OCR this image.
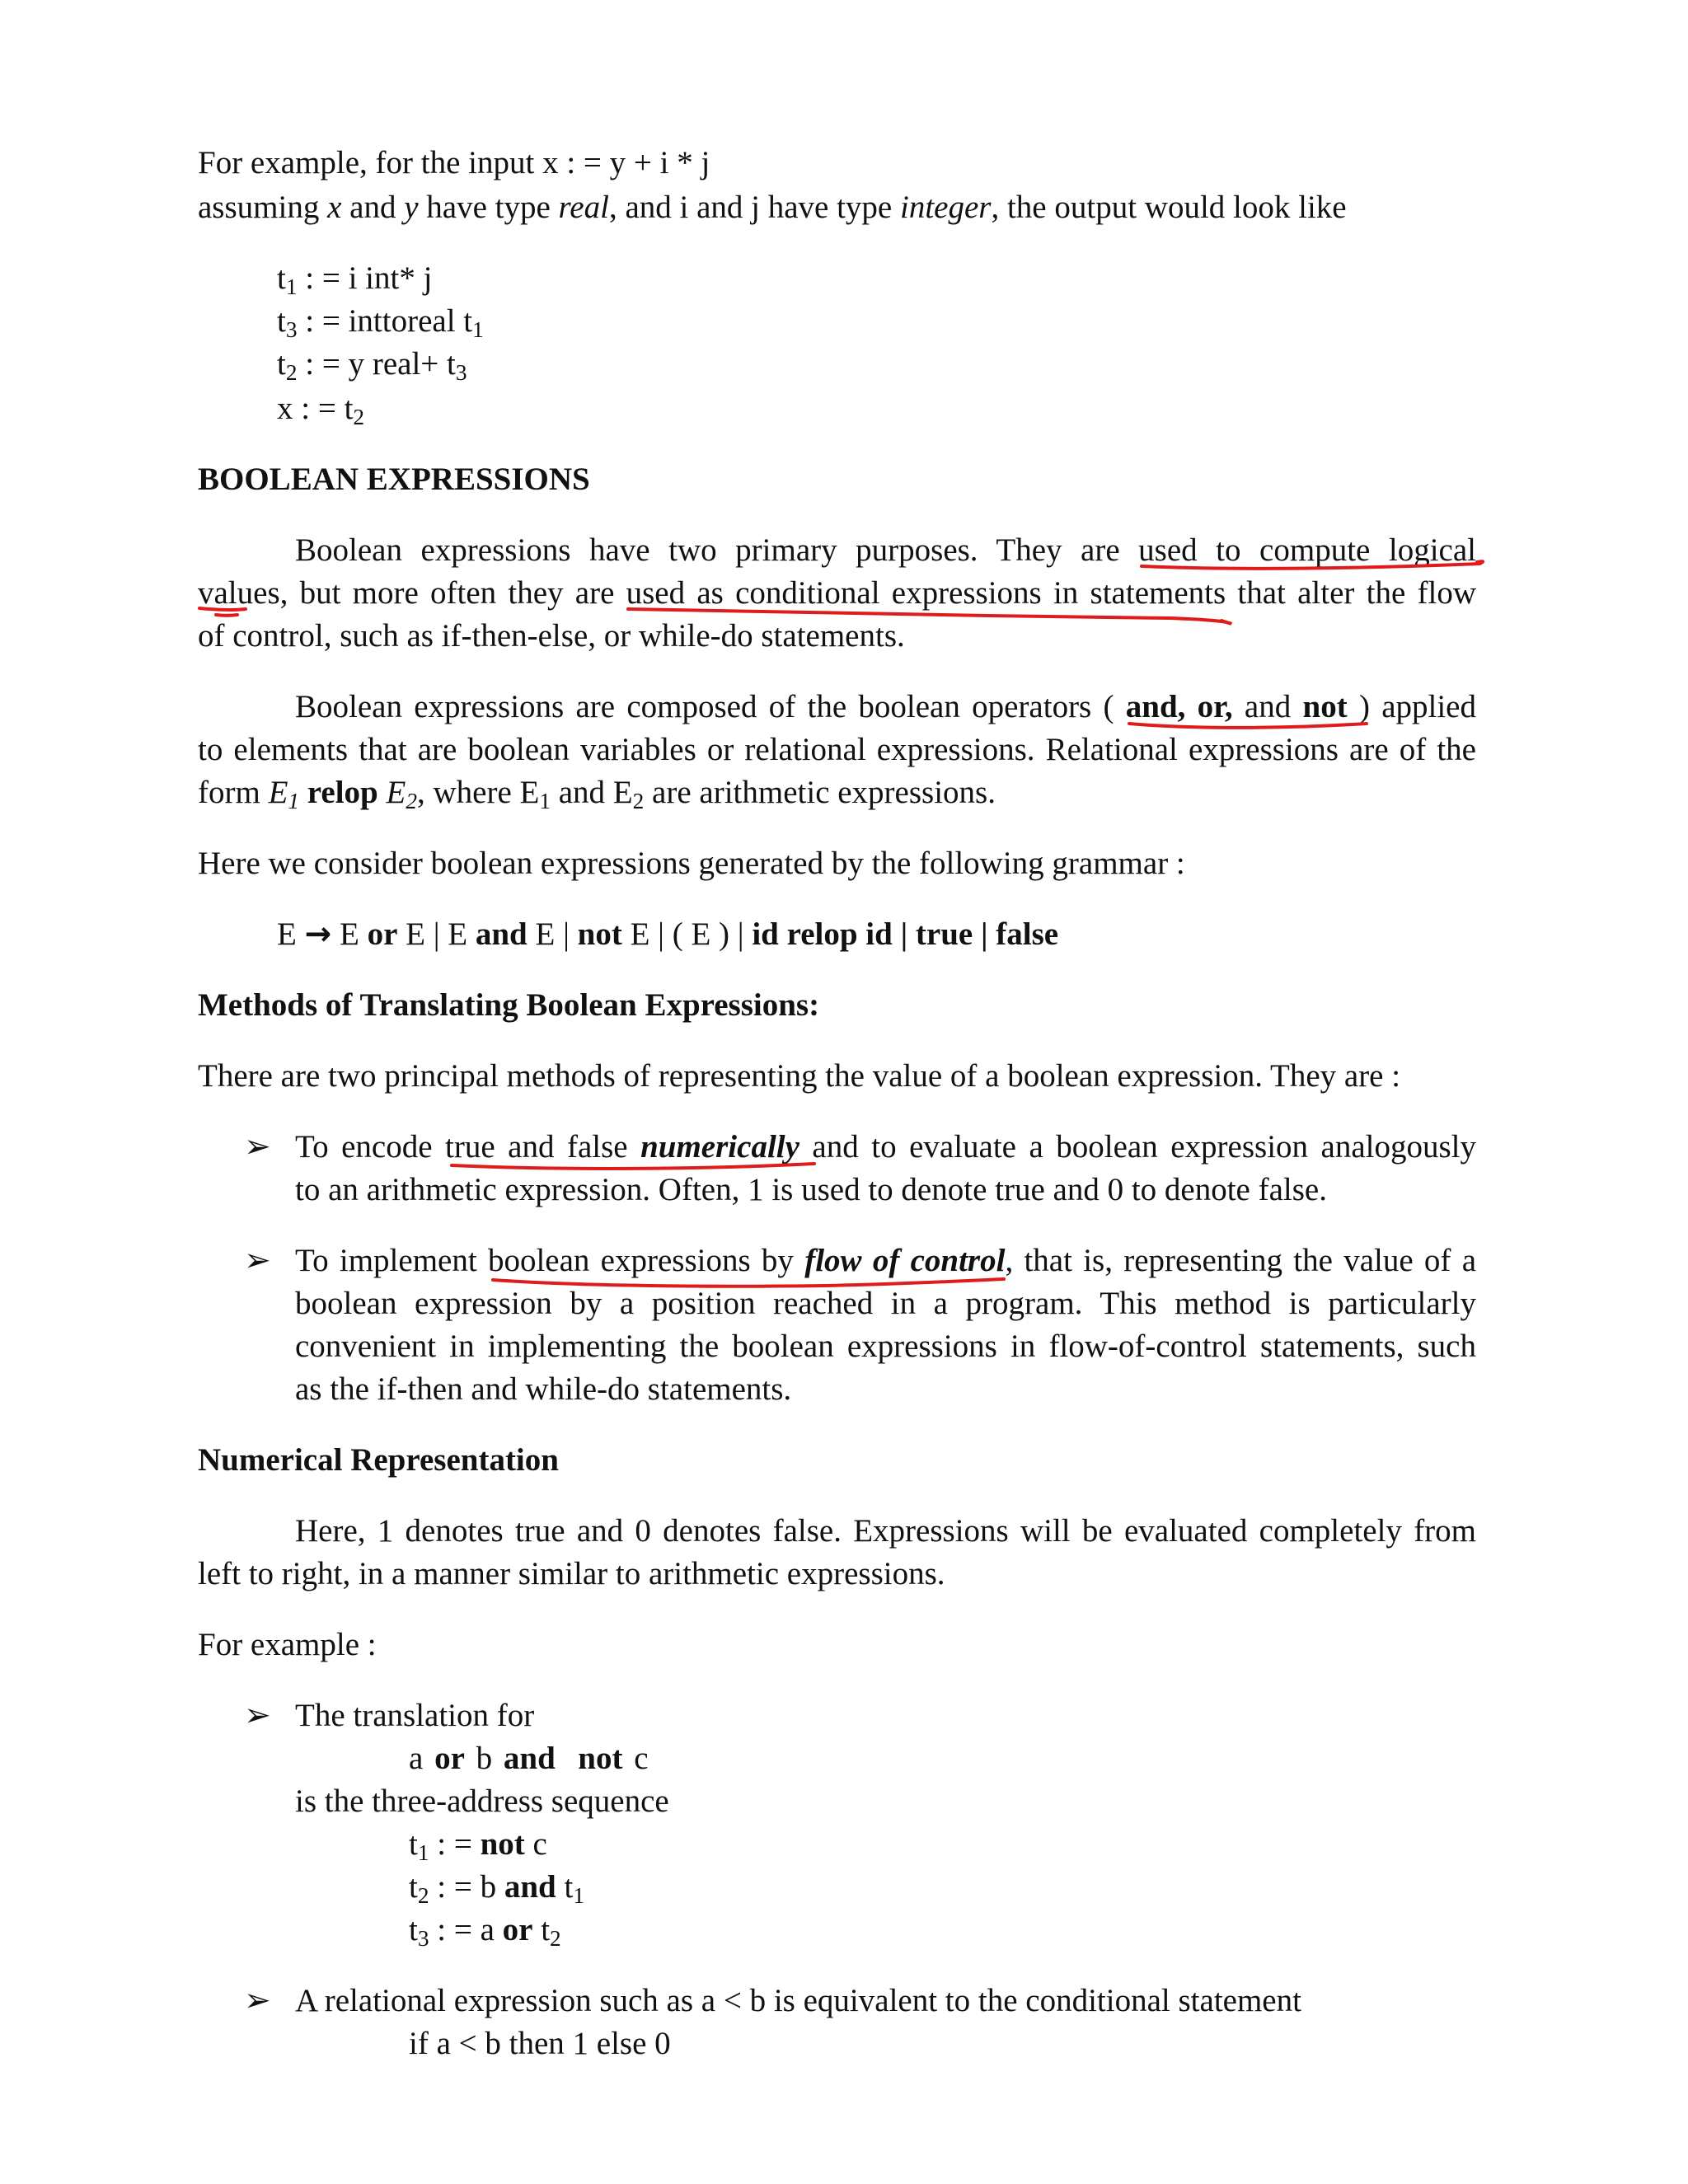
For example, for the input x : = y + i * j
assuming x and y have type real, and i and j have type integer, the output would look like
$t_1$ : = i int* j
$t_3$ : = inttoreal $t_1$
$t_2$ : = y real+ $t_3$
x : = $t_2$
BOOLEAN EXPRESSIONS
Boolean expressions have two primary purposes. They are used to compute logical
values, but more often they are used as conditional expressions in statements that alter the flow
of control, such as if-then-else, or while-do statements.
Boolean expressions are composed of the boolean operators ( and, or, and not ) applied
to elements that are boolean variables or relational expressions. Relational expressions are of the
form $E_1$ relop $E_2$, where $E_1$ and $E_2$ are arithmetic expressions.
Here we consider boolean expressions generated by the following grammar :
E → E or E | E and E | not E | ( E ) | id relop id | true | false
Methods of Translating Boolean Expressions:
There are two principal methods of representing the value of a boolean expression. They are :
➢ To encode true and false numerically and to evaluate a boolean expression analogously
to an arithmetic expression. Often, 1 is used to denote true and 0 to denote false.
➢ To implement boolean expressions by flow of control, that is, representing the value of a
boolean expression by a position reached in a program. This method is particularly
convenient in implementing the boolean expressions in flow-of-control statements, such
as the if-then and while-do statements.
Numerical Representation
Here, 1 denotes true and 0 denotes false. Expressions will be evaluated completely from
left to right, in a manner similar to arithmetic expressions.
For example :
➢ The translation for
a or b and not c
is the three-address sequence
$t_1$ : = not c
$t_2$ : = b and $t_1$
$t_3$ : = a or $t_2$
➢ A relational expression such as a < b is equivalent to the conditional statement
if a < b then 1 else 0
